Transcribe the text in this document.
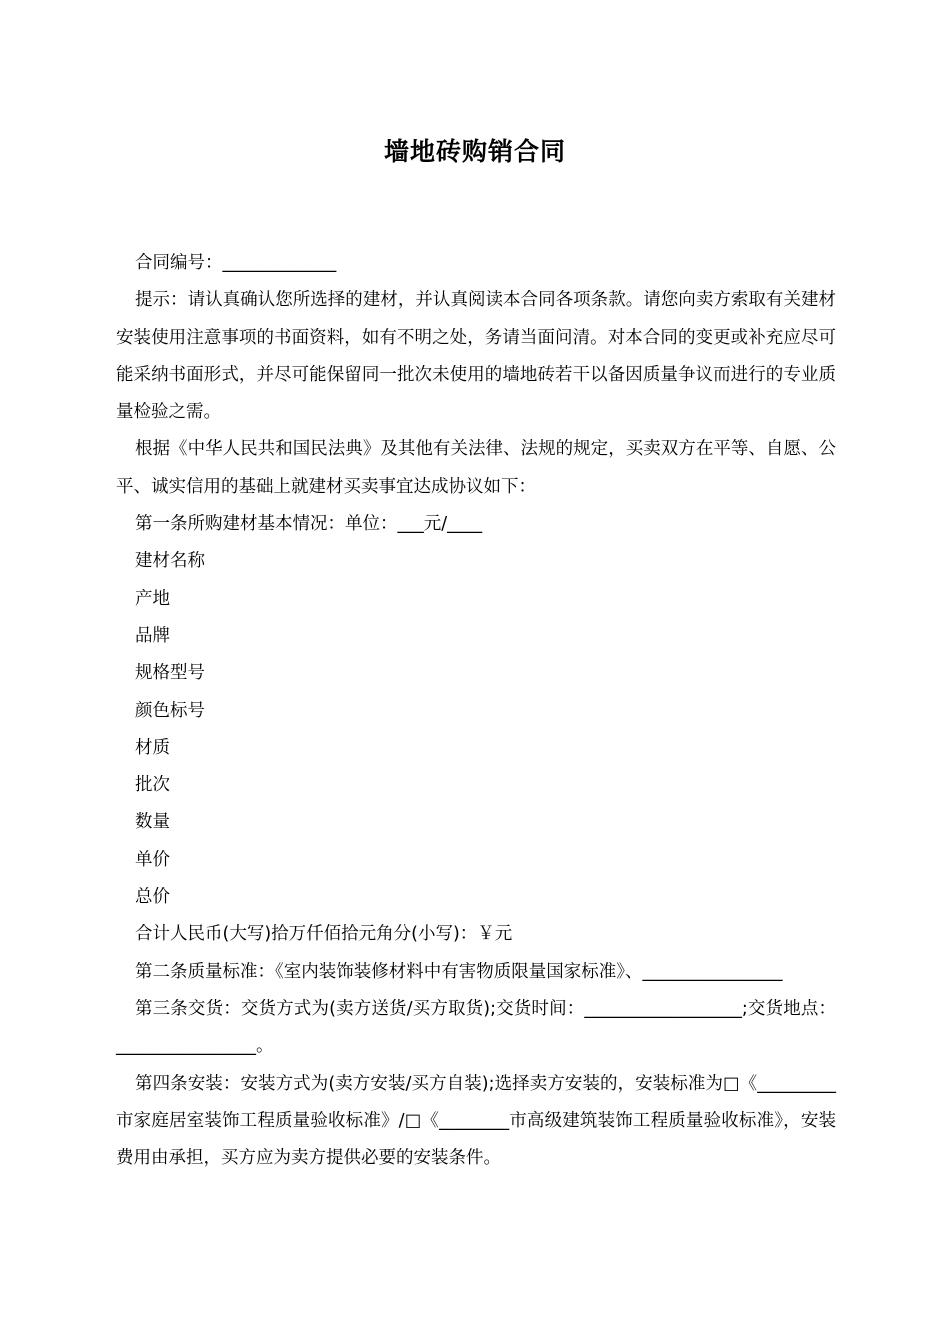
墙地砖购销合同

合同编号：_____________

提示：请认真确认您所选择的建材，并认真阅读本合同各项条款。请您向卖方索取有关建材安装使用注意事项的书面资料，如有不明之处，务请当面问清。对本合同的变更或补充应尽可能采纳书面形式，并尽可能保留同一批次未使用的墙地砖若干以备因质量争议而进行的专业质量检验之需。

根据《中华人民共和国民法典》及其他有关法律、法规的规定，买卖双方在平等、自愿、公平、诚实信用的基础上就建材买卖事宜达成协议如下：

第一条所购建材基本情况：单位：___元/____

建材名称

产地

品牌

规格型号

颜色标号

材质

批次

数量

单价

总价

合计人民币(大写)拾万仟佰拾元角分(小写)：￥元

第二条质量标准：《室内装饰装修材料中有害物质限量国家标准》、________________

第三条交货：交货方式为(卖方送货/买方取货);交货时间：__________________;交货地点：________________。

第四条安装：安装方式为(卖方安装/买方自装);选择卖方安装的，安装标准为□《_________市家庭居室装饰工程质量验收标准》/□《________市高级建筑装饰工程质量验收标准》，安装费用由承担，买方应为卖方提供必要的安装条件。
